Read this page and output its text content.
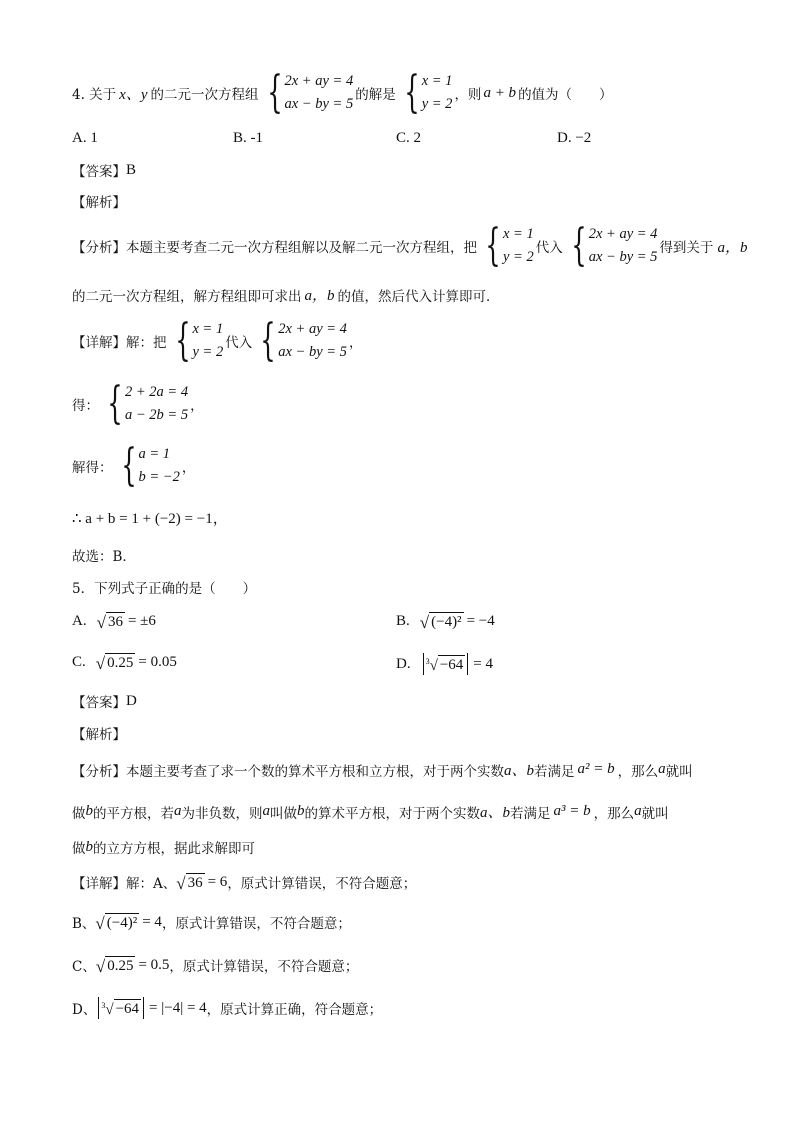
4. 关于 x、y 的二元一次方程组 { 2x + ay = 4
ax − by = 5
的解是 { x = 1
y = 2
，则 a + b 的值为（　　）
A. 1	B. -1	C. 2	D. −2
【答案】 B
【解析】
【分析】 本题主要考查二元一次方程组解以及解二元一次方程组，把 { x = 1
y = 2
代入 { 2x + ay = 4
ax − by = 5
得到关于 a，b
的二元一次方程组，解方程组即可求出 a，b 的值，然后代入计算即可．
【详解】 解：把 { x = 1
y = 2
代入 { 2x + ay = 4
ax − by = 5
，
得： { 2 + 2a = 4
a − 2b = 5
，
解得： { a = 1
b = −2
，
∴ a + b = 1 + (−2) = −1，
故选：B．
5．下列式子正确的是（　　）
A. √ 36 = ±6	B. √ (−4)² = −4
C. √ 0.25 = 0.05	D. $^3$√ −64 = 4
【答案】 D
【解析】
【分析】 本题主要考查了求一个数的算术平方根和立方根，对于两个实数 a、b 若满足 a² = b ，那么 a 就叫
做 b 的平方根，若 a 为非负数，则 a 叫做 b 的算术平方根，对于两个实数 a、b 若满足 a³ = b ，那么 a 就叫
做 b 的立方方根，据此求解即可
【详解】 解：A、 √ 36 = 6 ，原式计算错误，不符合题意；
B、 √ (−4)² = 4 ，原式计算错误，不符合题意；
C、 √ 0.25 = 0.5 ，原式计算错误，不符合题意；
D、 $^3$√ −64 = |−4| = 4 ，原式计算正确，符合题意；
